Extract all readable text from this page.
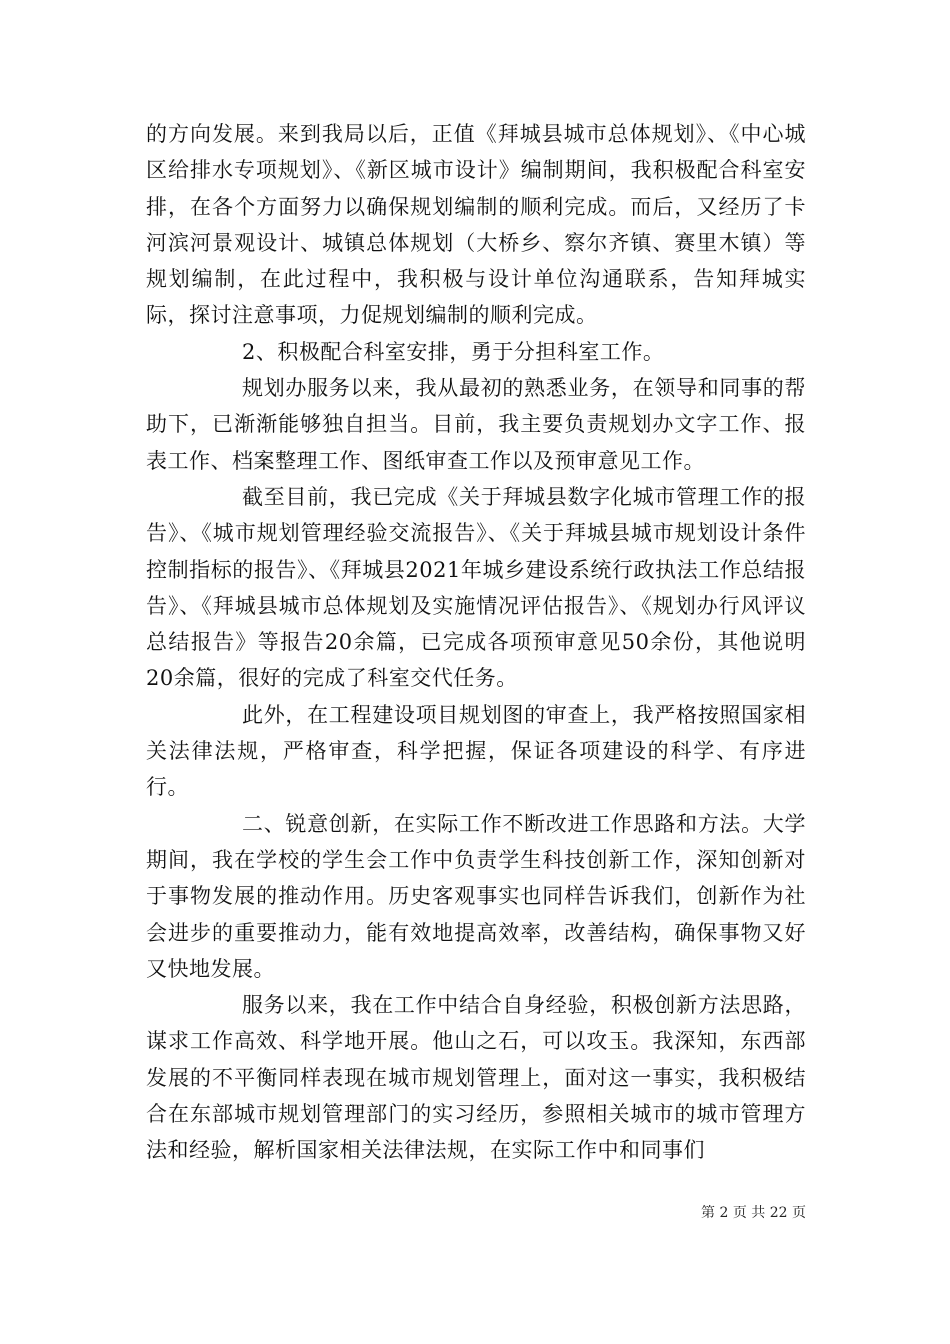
的方向发展。来到我局以后，正值《拜城县城市总体规划》、《中心城区给排水专项规划》、《新区城市设计》编制期间，我积极配合科室安排，在各个方面努力以确保规划编制的顺利完成。而后，又经历了卡河滨河景观设计、城镇总体规划（大桥乡、察尔齐镇、赛里木镇）等规划编制，在此过程中，我积极与设计单位沟通联系，告知拜城实际，探讨注意事项，力促规划编制的顺利完成。

2、积极配合科室安排，勇于分担科室工作。

规划办服务以来，我从最初的熟悉业务，在领导和同事的帮助下，已渐渐能够独自担当。目前，我主要负责规划办文字工作、报表工作、档案整理工作、图纸审查工作以及预审意见工作。

截至目前，我已完成《关于拜城县数字化城市管理工作的报告》、《城市规划管理经验交流报告》、《关于拜城县城市规划设计条件控制指标的报告》、《拜城县2021年城乡建设系统行政执法工作总结报告》、《拜城县城市总体规划及实施情况评估报告》、《规划办行风评议总结报告》等报告20余篇，已完成各项预审意见50余份，其他说明20余篇，很好的完成了科室交代任务。

此外，在工程建设项目规划图的审查上，我严格按照国家相关法律法规，严格审查，科学把握，保证各项建设的科学、有序进行。

二、锐意创新，在实际工作不断改进工作思路和方法。大学期间，我在学校的学生会工作中负责学生科技创新工作，深知创新对于事物发展的推动作用。历史客观事实也同样告诉我们，创新作为社会进步的重要推动力，能有效地提高效率，改善结构，确保事物又好又快地发展。

服务以来，我在工作中结合自身经验，积极创新方法思路，谋求工作高效、科学地开展。他山之石，可以攻玉。我深知，东西部发展的不平衡同样表现在城市规划管理上，面对这一事实，我积极结合在东部城市规划管理部门的实习经历，参照相关城市的城市管理方法和经验，解析国家相关法律法规，在实际工作中和同事们

第 2 页 共 22 页
